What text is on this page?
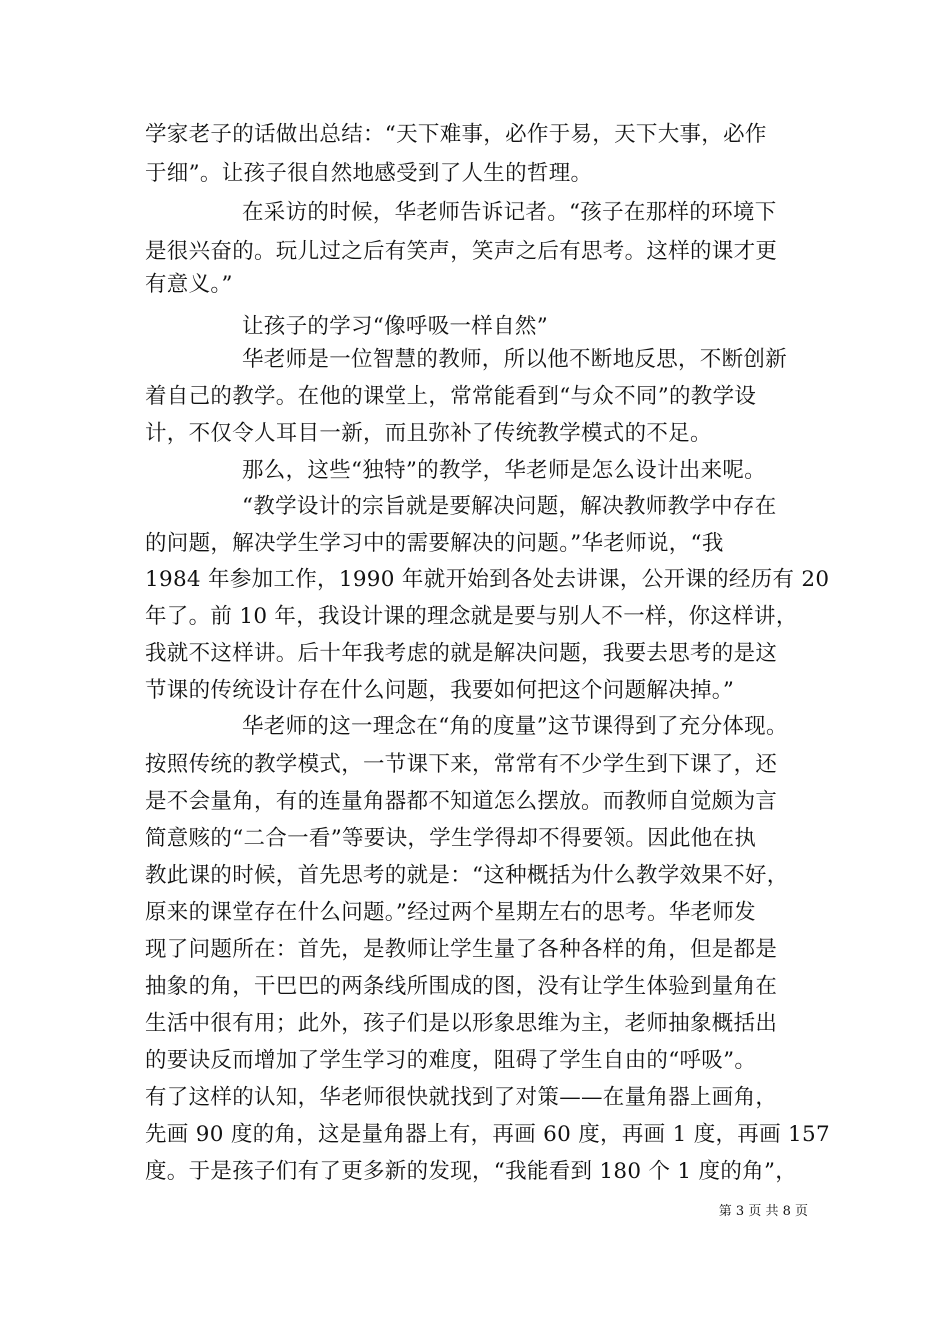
学家老子的话做出总结：“天下难事，必作于易，天下大事，必作
于细”。让孩子很自然地感受到了人生的哲理。
在采访的时候，华老师告诉记者。“孩子在那样的环境下
是很兴奋的。玩儿过之后有笑声，笑声之后有思考。这样的课才更
有意义。”
让孩子的学习“像呼吸一样自然”
华老师是一位智慧的教师，所以他不断地反思，不断创新
着自己的教学。在他的课堂上，常常能看到“与众不同”的教学设
计，不仅令人耳目一新，而且弥补了传统教学模式的不足。
那么，这些“独特”的教学，华老师是怎么设计出来呢。
“教学设计的宗旨就是要解决问题，解决教师教学中存在
的问题，解决学生学习中的需要解决的问题。”华老师说，“我
1984 年参加工作，1990 年就开始到各处去讲课，公开课的经历有 20
年了。前 10 年，我设计课的理念就是要与别人不一样，你这样讲，
我就不这样讲。后十年我考虑的就是解决问题，我要去思考的是这
节课的传统设计存在什么问题，我要如何把这个问题解决掉。”
华老师的这一理念在“角的度量”这节课得到了充分体现。
按照传统的教学模式，一节课下来，常常有不少学生到下课了，还
是不会量角，有的连量角器都不知道怎么摆放。而教师自觉颇为言
简意赅的“二合一看”等要诀，学生学得却不得要领。因此他在执
教此课的时候，首先思考的就是：“这种概括为什么教学效果不好，
原来的课堂存在什么问题。”经过两个星期左右的思考。华老师发
现了问题所在：首先，是教师让学生量了各种各样的角，但是都是
抽象的角，干巴巴的两条线所围成的图，没有让学生体验到量角在
生活中很有用；此外，孩子们是以形象思维为主，老师抽象概括出
的要诀反而增加了学生学习的难度，阻碍了学生自由的“呼吸”。
有了这样的认知，华老师很快就找到了对策——在量角器上画角，
先画 90 度的角，这是量角器上有，再画 60 度，再画 1 度，再画 157
度。于是孩子们有了更多新的发现，“我能看到 180 个 1 度的角”，
第 3 页 共 8 页
